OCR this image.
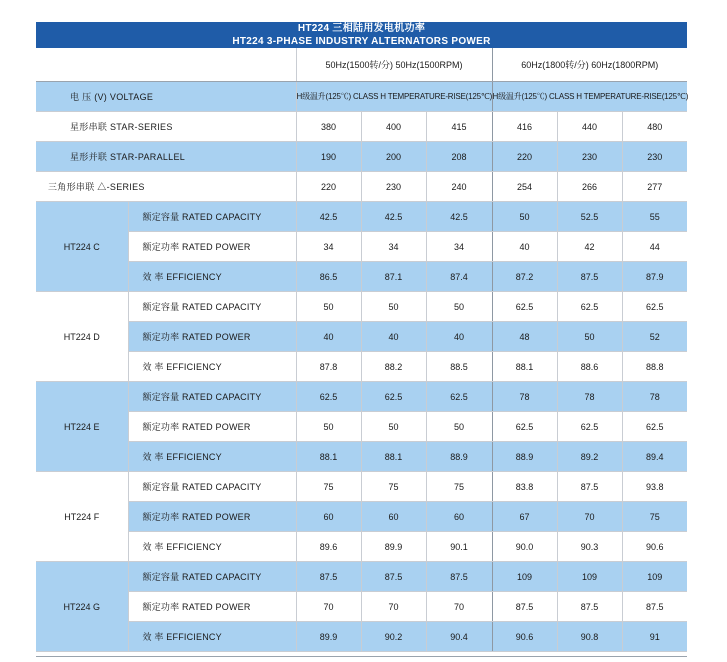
HT224 三相陆用发电机功率
HT224 3-PHASE INDUSTRY ALTERNATORS POWER
		50Hz(1500转/分) 50Hz(1500RPM)			60Hz(1800转/分) 60Hz(1800RPM)		
电 压 (V) VOLTAGE		H级温升(125℃) CLASS H TEMPERATURE-RISE(125℃)			H级温升(125℃) CLASS H TEMPERATURE-RISE(125℃)		
星形串联 STAR-SERIES		380	400	415	416	440	480
星形并联 STAR-PARALLEL		190	200	208	220	230	230
三角形串联 △-SERIES		220	230	240	254	266	277
HT224 C	额定容量 RATED CAPACITY	42.5	42.5	42.5	50	52.5	55
	额定功率 RATED POWER	34	34	34	40	42	44
	效 率 EFFICIENCY	86.5	87.1	87.4	87.2	87.5	87.9
HT224 D	额定容量 RATED CAPACITY	50	50	50	62.5	62.5	62.5
	额定功率 RATED POWER	40	40	40	48	50	52
	效 率 EFFICIENCY	87.8	88.2	88.5	88.1	88.6	88.8
HT224 E	额定容量 RATED CAPACITY	62.5	62.5	62.5	78	78	78
	额定功率 RATED POWER	50	50	50	62.5	62.5	62.5
	效 率 EFFICIENCY	88.1	88.1	88.9	88.9	89.2	89.4
HT224 F	额定容量 RATED CAPACITY	75	75	75	83.8	87.5	93.8
	额定功率 RATED POWER	60	60	60	67	70	75
	效 率 EFFICIENCY	89.6	89.9	90.1	90.0	90.3	90.6
HT224 G	额定容量 RATED CAPACITY	87.5	87.5	87.5	109	109	109
	额定功率 RATED POWER	70	70	70	87.5	87.5	87.5
	效 率 EFFICIENCY	89.9	90.2	90.4	90.6	90.8	91
